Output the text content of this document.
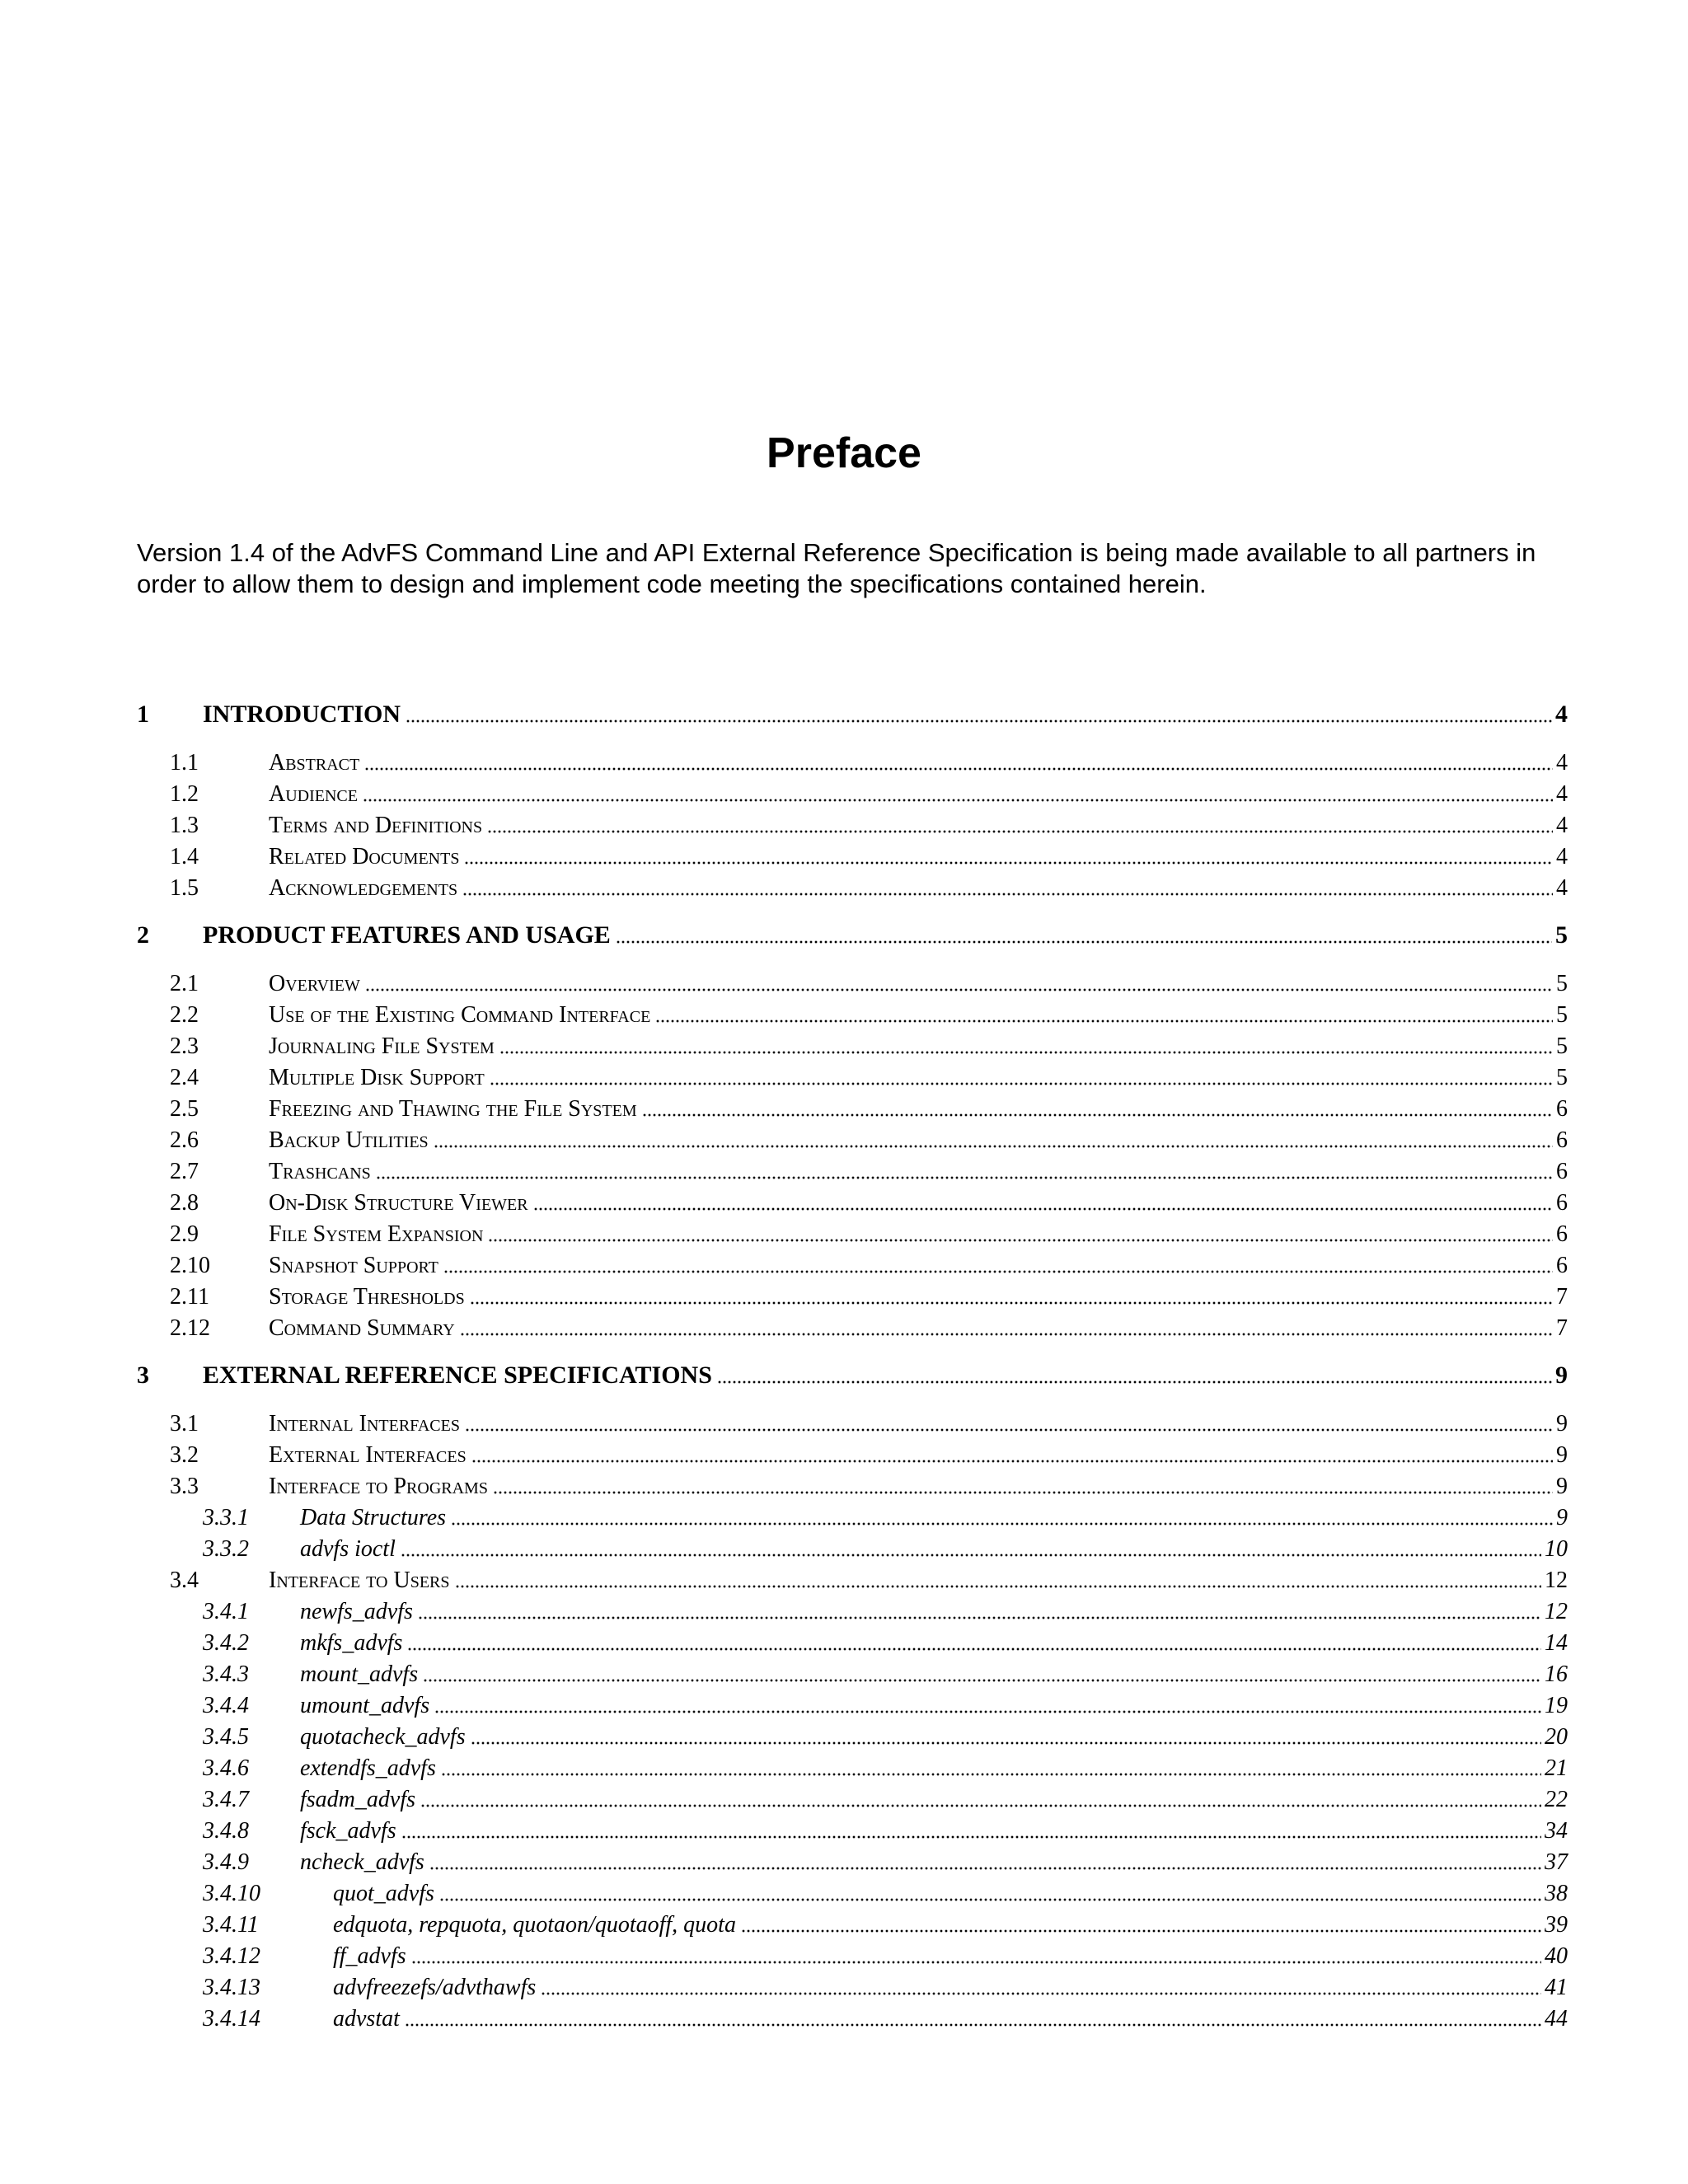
Preface
Version 1.4 of the AdvFS Command Line and API External Reference Specification is being made available to all partners in order to allow them to design and implement code meeting the specifications contained herein.
1 INTRODUCTION	4
1.1	Abstract	4
1.2	Audience	4
1.3	Terms and Definitions	4
1.4	Related Documents	4
1.5	Acknowledgements	4
2 PRODUCT FEATURES AND USAGE	5
2.1	Overview	5
2.2	Use of the Existing Command Interface	5
2.3	Journaling File System	5
2.4	Multiple Disk Support	5
2.5	Freezing and Thawing the File System	6
2.6	Backup Utilities	6
2.7	Trashcans	6
2.8	On-Disk Structure Viewer	6
2.9	File System Expansion	6
2.10	Snapshot Support	6
2.11	Storage Thresholds	7
2.12	Command Summary	7
3 EXTERNAL REFERENCE SPECIFICATIONS	9
3.1	Internal Interfaces	9
3.2	External Interfaces	9
3.3	Interface to Programs	9
3.3.1 Data Structures	9
3.3.2 advfs ioctl	10
3.4	Interface to Users	12
3.4.1 newfs_advfs	12
3.4.2 mkfs_advfs	14
3.4.3 mount_advfs	16
3.4.4 umount_advfs	19
3.4.5 quotacheck_advfs	20
3.4.6 extendfs_advfs	21
3.4.7 fsadm_advfs	22
3.4.8 fsck_advfs	34
3.4.9 ncheck_advfs	37
3.4.10	quot_advfs	38
3.4.11	edquota, repquota, quotaon/quotaoff, quota	39
3.4.12	ff_advfs	40
3.4.13	advfreezefs/advthawfs	41
3.4.14	advstat	44
